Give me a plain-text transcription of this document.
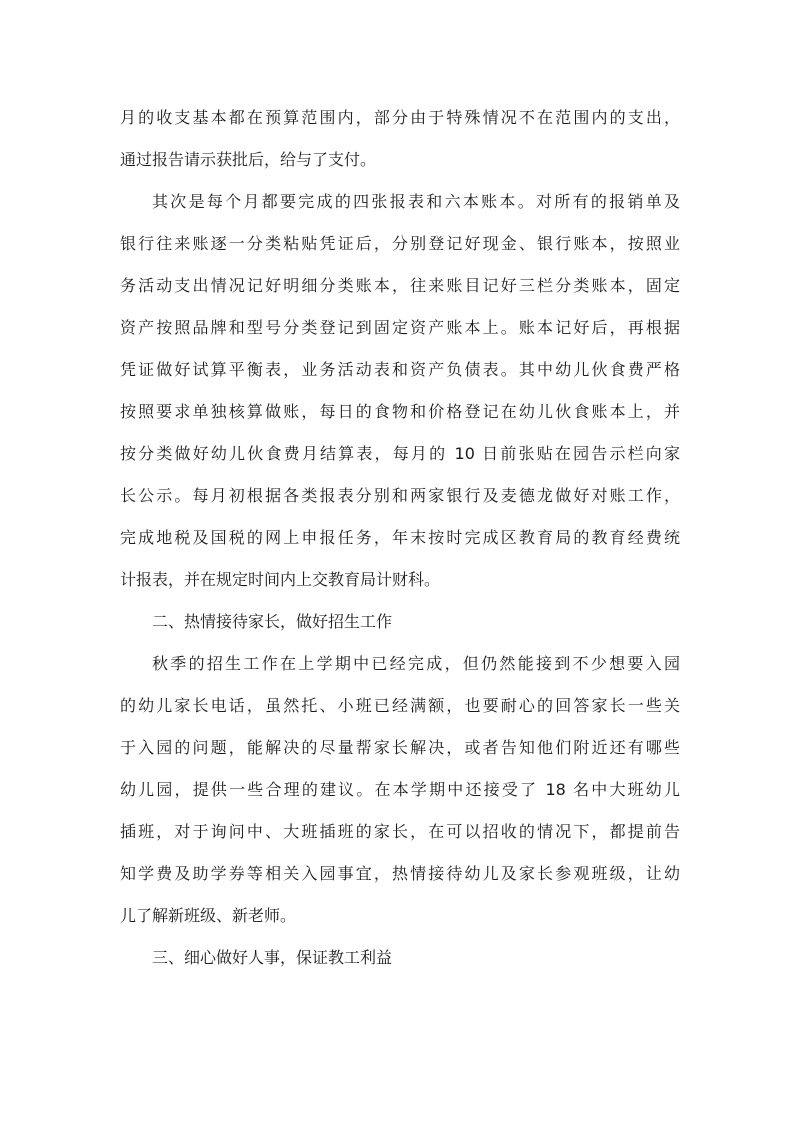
月的收支基本都在预算范围内，部分由于特殊情况不在范围内的支出，
通过报告请示获批后，给与了支付。
其次是每个月都要完成的四张报表和六本账本。对所有的报销单及
银行往来账逐一分类粘贴凭证后，分别登记好现金、银行账本，按照业
务活动支出情况记好明细分类账本，往来账目记好三栏分类账本，固定
资产按照品牌和型号分类登记到固定资产账本上。账本记好后，再根据
凭证做好试算平衡表，业务活动表和资产负债表。其中幼儿伙食费严格
按照要求单独核算做账，每日的食物和价格登记在幼儿伙食账本上，并
按分类做好幼儿伙食费月结算表，每月的 10 日前张贴在园告示栏向家
长公示。每月初根据各类报表分别和两家银行及麦德龙做好对账工作，
完成地税及国税的网上申报任务，年末按时完成区教育局的教育经费统
计报表，并在规定时间内上交教育局计财科。
二、热情接待家长，做好招生工作
秋季的招生工作在上学期中已经完成，但仍然能接到不少想要入园
的幼儿家长电话，虽然托、小班已经满额，也要耐心的回答家长一些关
于入园的问题，能解决的尽量帮家长解决，或者告知他们附近还有哪些
幼儿园，提供一些合理的建议。在本学期中还接受了 18 名中大班幼儿
插班，对于询问中、大班插班的家长，在可以招收的情况下，都提前告
知学费及助学券等相关入园事宜，热情接待幼儿及家长参观班级，让幼
儿了解新班级、新老师。
三、细心做好人事，保证教工利益
